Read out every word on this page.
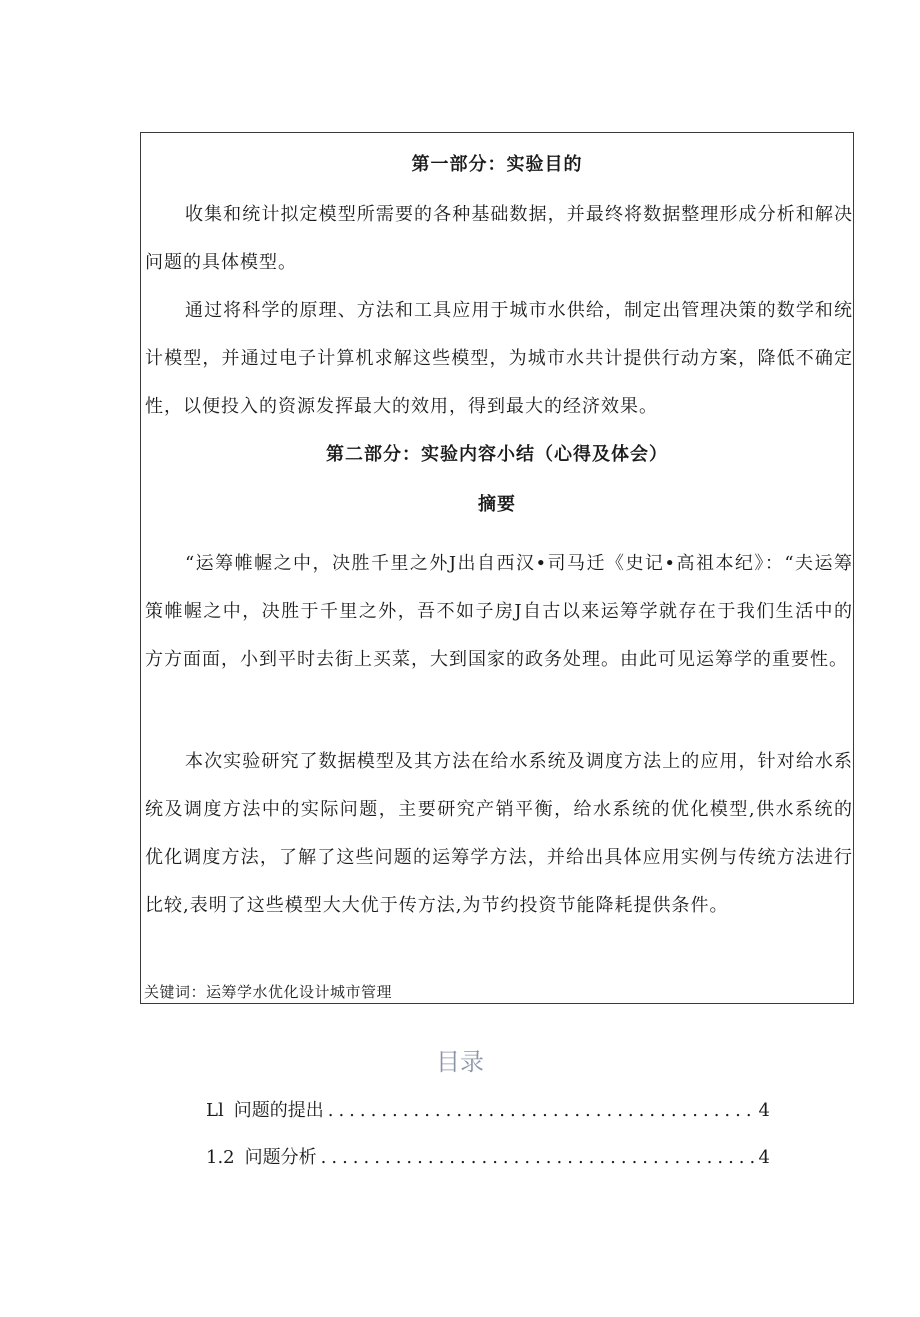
第一部分：实验目的
收集和统计拟定模型所需要的各种基础数据，并最终将数据整理形成分析和解决问题的具体模型。
通过将科学的原理、方法和工具应用于城市水供给，制定出管理决策的数学和统计模型，并通过电子计算机求解这些模型，为城市水共计提供行动方案，降低不确定性，以便投入的资源发挥最大的效用，得到最大的经济效果。
第二部分：实验内容小结（心得及体会）
摘要
“运筹帷幄之中，决胜千里之外J出自西汉•司马迁《史记•高祖本纪》：“夫运筹策帷幄之中，决胜于千里之外，吾不如子房J自古以来运筹学就存在于我们生活中的方方面面，小到平时去街上买菜，大到国家的政务处理。由此可见运筹学的重要性。
本次实验研究了数据模型及其方法在给水系统及调度方法上的应用，针对给水系统及调度方法中的实际问题，主要研究产销平衡，给水系统的优化模型,供水系统的优化调度方法，了解了这些问题的运筹学方法，并给出具体应用实例与传统方法进行比较,表明了这些模型大大优于传方法,为节约投资节能降耗提供条件。
关键词：运筹学水优化设计城市管理
目录
Ll 问题的提出 .....	4
1.2 问题分析 .....	4
